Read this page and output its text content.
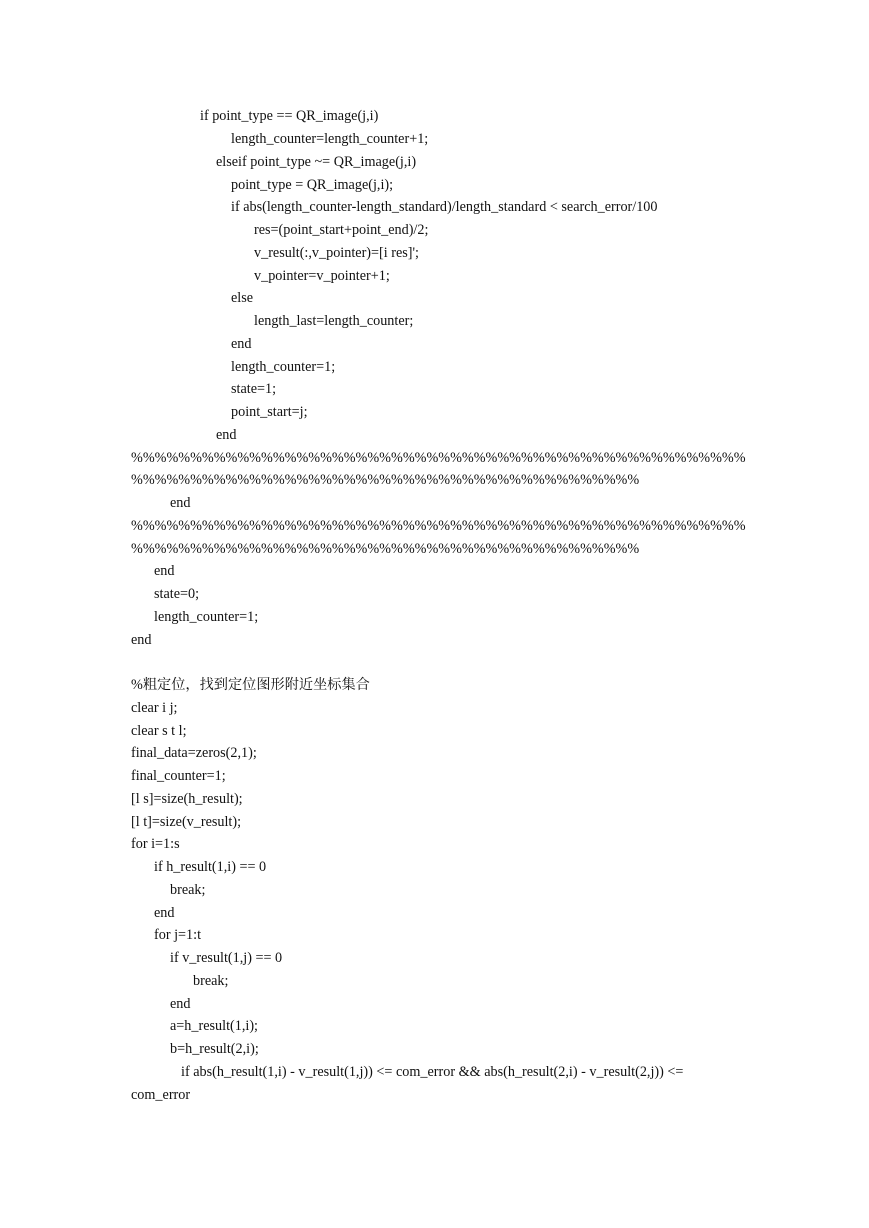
if point_type == QR_image(j,i)
length_counter=length_counter+1;
elseif point_type ~= QR_image(j,i)
point_type = QR_image(j,i);
if abs(length_counter-length_standard)/length_standard < search_error/100
res=(point_start+point_end)/2;
v_result(:,v_pointer)=[i res]';
v_pointer=v_pointer+1;
else
length_last=length_counter;
end
length_counter=1;
state=1;
point_start=j;
end
%%%%%%%%%%%%%%%%%%%%%%%%%%%%%%%%%%%%%%%%%%%%%%%%%%%%
%%%%%%%%%%%%%%%%%%%%%%%%%%%%%%%%%%%%%%%%%%%
end
%%%%%%%%%%%%%%%%%%%%%%%%%%%%%%%%%%%%%%%%%%%%%%%%%%%%
%%%%%%%%%%%%%%%%%%%%%%%%%%%%%%%%%%%%%%%%%%%
end
state=0;
length_counter=1;
end
%粗定位，找到定位图形附近坐标集合
clear i j;
clear s t l;
final_data=zeros(2,1);
final_counter=1;
[l s]=size(h_result);
[l t]=size(v_result);
for i=1:s
if h_result(1,i) == 0
break;
end
for j=1:t
if v_result(1,j) == 0
break;
end
a=h_result(1,i);
b=h_result(2,i);
if abs(h_result(1,i) - v_result(1,j)) <= com_error && abs(h_result(2,i) - v_result(2,j)) <=
com_error
